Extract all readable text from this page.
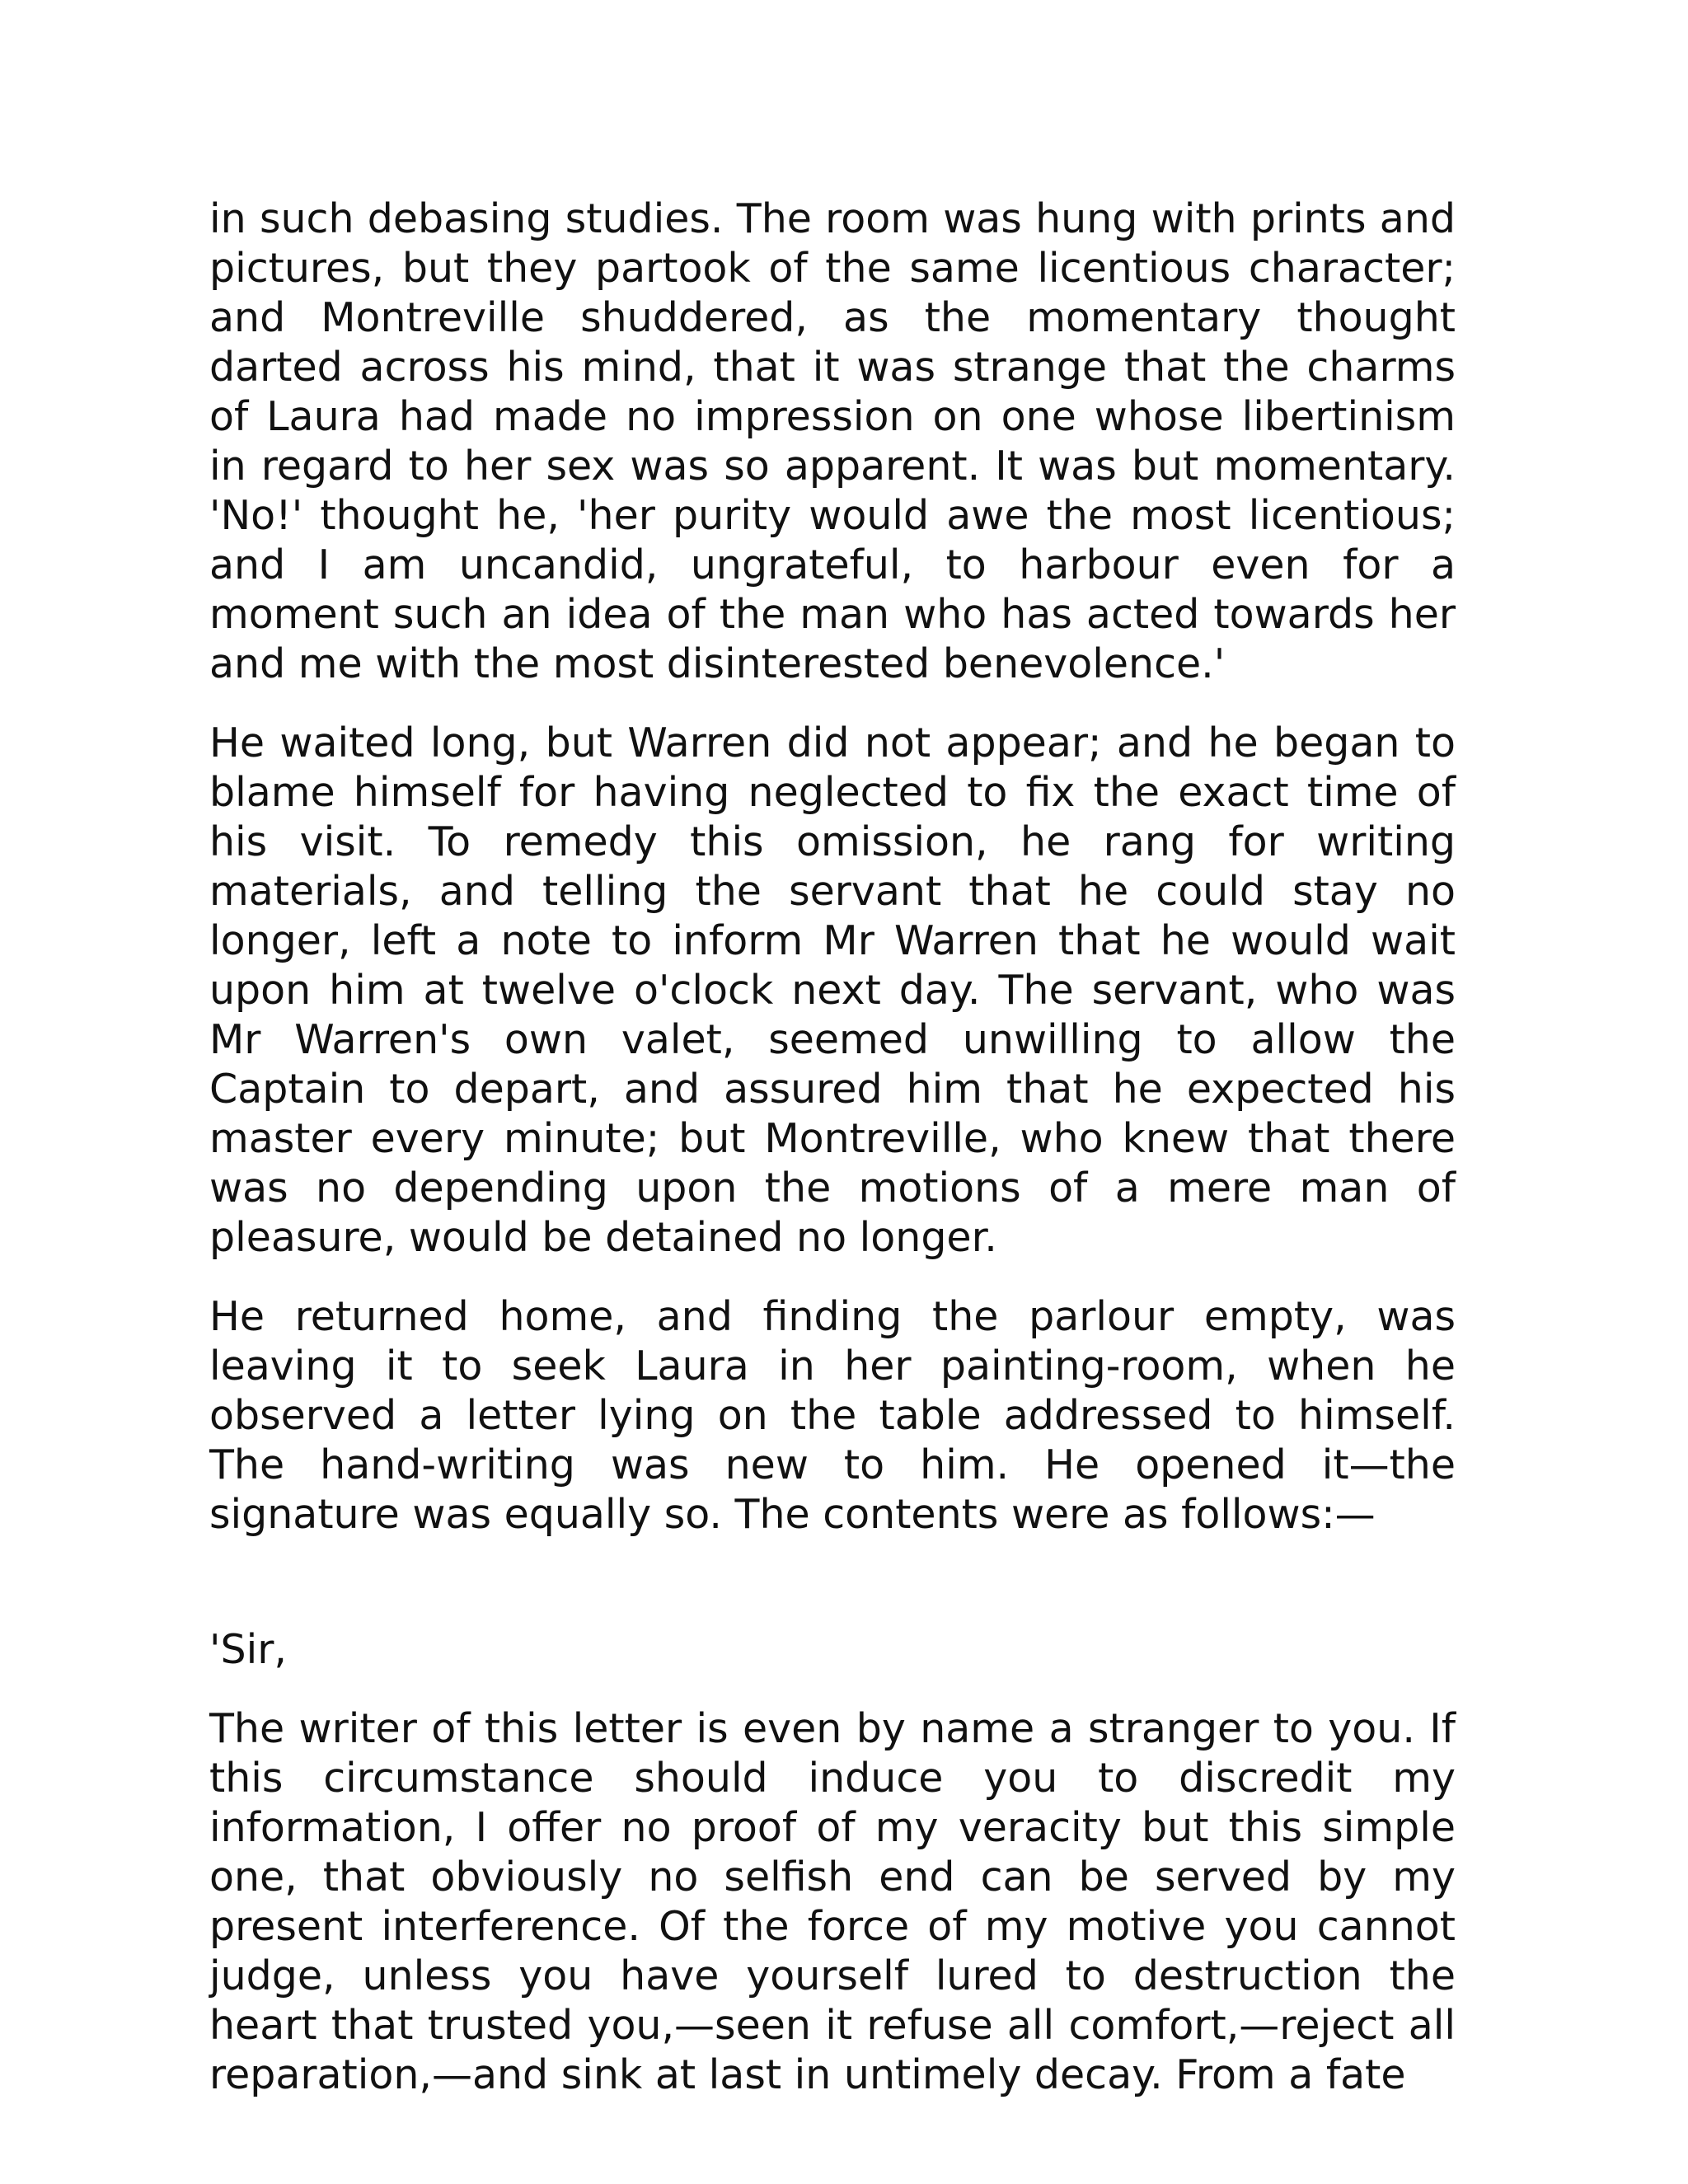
in such debasing studies. The room was hung with prints and pictures, but they partook of the same licentious character; and Montreville shuddered, as the momentary thought darted across his mind, that it was strange that the charms of Laura had made no impression on one whose libertinism in regard to her sex was so apparent. It was but momentary. 'No!' thought he, 'her purity would awe the most licentious; and I am uncandid, ungrateful, to harbour even for a moment such an idea of the man who has acted towards her and me with the most disinterested benevolence.'

He waited long, but Warren did not appear; and he began to blame himself for having neglected to fix the exact time of his visit. To remedy this omission, he rang for writing materials, and telling the servant that he could stay no longer, left a note to inform Mr Warren that he would wait upon him at twelve o'clock next day. The servant, who was Mr Warren's own valet, seemed unwilling to allow the Captain to depart, and assured him that he expected his master every minute; but Montreville, who knew that there was no depending upon the motions of a mere man of pleasure, would be detained no longer.

He returned home, and finding the parlour empty, was leaving it to seek Laura in her painting-room, when he observed a letter lying on the table addressed to himself. The hand-writing was new to him. He opened it—the signature was equally so. The contents were as follows:—

'Sir,

The writer of this letter is even by name a stranger to you. If this circumstance should induce you to discredit my information, I offer no proof of my veracity but this simple one, that obviously no selfish end can be served by my present interference. Of the force of my motive you cannot judge, unless you have yourself lured to destruction the heart that trusted you,—seen it refuse all comfort,—reject all reparation,—and sink at last in untimely decay. From a fate
